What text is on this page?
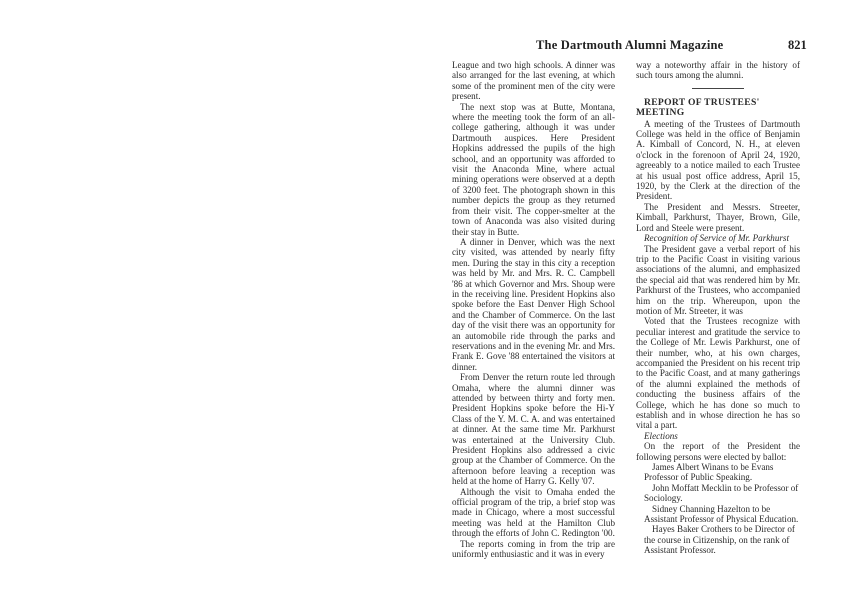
The Dartmouth Alumni Magazine	821

League and two high schools. A dinner was also arranged for the last evening, at which some of the prominent men of the city were present.

The next stop was at Butte, Montana, where the meeting took the form of an all-college gathering, although it was under Dartmouth auspices. Here President Hopkins addressed the pupils of the high school, and an opportunity was afforded to visit the Anaconda Mine, where actual mining operations were observed at a depth of 3200 feet. The photograph shown in this number depicts the group as they returned from their visit. The copper-smelter at the town of Anaconda was also visited during their stay in Butte.

A dinner in Denver, which was the next city visited, was attended by nearly fifty men. During the stay in this city a reception was held by Mr. and Mrs. R. C. Campbell '86 at which Governor and Mrs. Shoup were in the receiving line. President Hopkins also spoke before the East Denver High School and the Chamber of Commerce. On the last day of the visit there was an opportunity for an automobile ride through the parks and reservations and in the evening Mr. and Mrs. Frank E. Gove '88 entertained the visitors at dinner.

From Denver the return route led through Omaha, where the alumni dinner was attended by between thirty and forty men. President Hopkins spoke before the Hi-Y Class of the Y. M. C. A. and was entertained at dinner. At the same time Mr. Parkhurst was entertained at the University Club. President Hopkins also addressed a civic group at the Chamber of Commerce. On the afternoon before leaving a reception was held at the home of Harry G. Kelly '07.

Although the visit to Omaha ended the official program of the trip, a brief stop was made in Chicago, where a most successful meeting was held at the Hamilton Club through the efforts of John C. Redington '00.

The reports coming in from the trip are uniformly enthusiastic and it was in every

way a noteworthy affair in the history of such tours among the alumni.

REPORT OF TRUSTEES' MEETING

A meeting of the Trustees of Dartmouth College was held in the office of Benjamin A. Kimball of Concord, N. H., at eleven o'clock in the forenoon of April 24, 1920, agreeably to a notice mailed to each Trustee at his usual post office address, April 15, 1920, by the Clerk at the direction of the President.

The President and Messrs. Streeter, Kimball, Parkhurst, Thayer, Brown, Gile, Lord and Steele were present.

Recognition of Service of Mr. Parkhurst

The President gave a verbal report of his trip to the Pacific Coast in visiting various associations of the alumni, and emphasized the special aid that was rendered him by Mr. Parkhurst of the Trustees, who accompanied him on the trip. Whereupon, upon the motion of Mr. Streeter, it was

Voted that the Trustees recognize with peculiar interest and gratitude the service to the College of Mr. Lewis Parkhurst, one of their number, who, at his own charges, accompanied the President on his recent trip to the Pacific Coast, and at many gatherings of the alumni explained the methods of conducting the business affairs of the College, which he has done so much to establish and in whose direction he has so vital a part.

Elections

On the report of the President the following persons were elected by ballot:

James Albert Winans to be Evans Professor of Public Speaking.

John Moffatt Mecklin to be Professor of Sociology.

Sidney Channing Hazelton to be Assistant Professor of Physical Education.

Hayes Baker Crothers to be Director of the course in Citizenship, on the rank of Assistant Professor.
